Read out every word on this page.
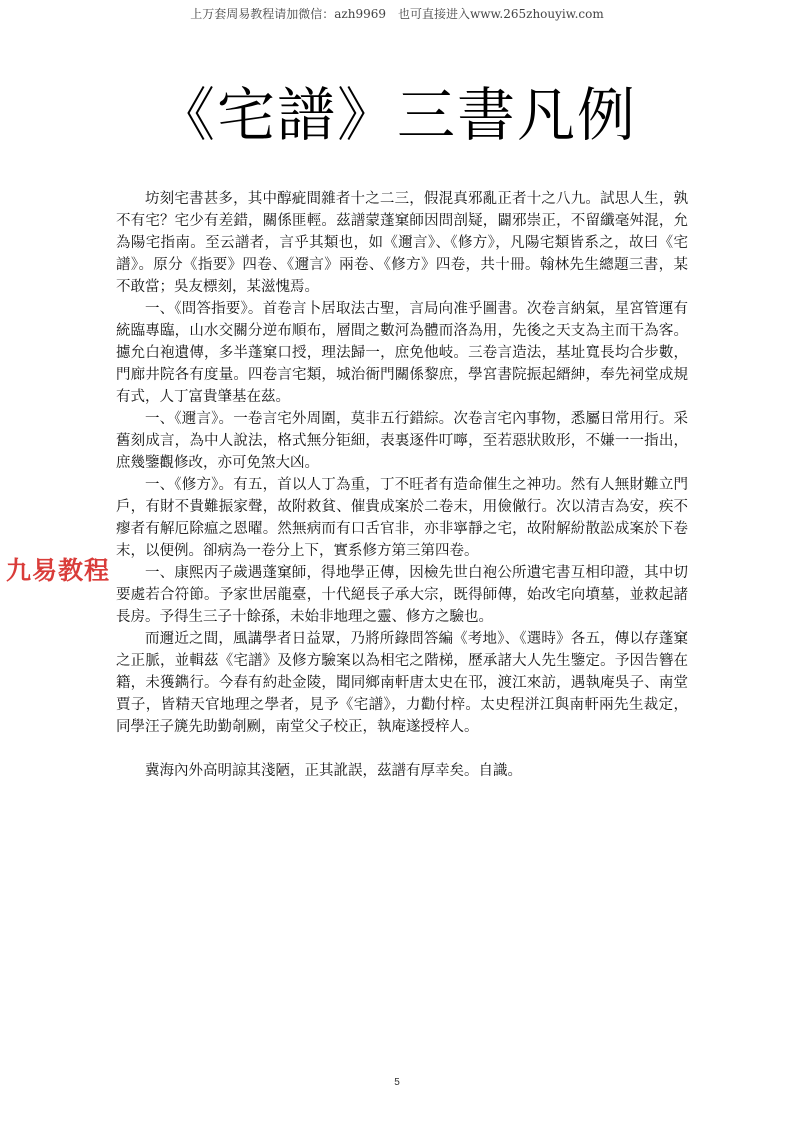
上万套周易教程请加微信：azh9969　也可直接进入www.265zhouyiw.com
《宅譜》三書凡例

坊刻宅書甚多，其中醇疵間雜者十之二三，假混真邪亂正者十之八九。試思人生，孰不有宅？宅少有差錯，關係匪輕。茲譜蒙蓬窠師因問剖疑，闢邪崇正，不留纖毫舛混，允為陽宅指南。至云譜者，言乎其類也，如《邇言》、《修方》，凡陽宅類皆系之，故曰《宅譜》。原分《指要》四卷、《邇言》兩卷、《修方》四卷，共十冊。翰林先生總題三書，某不敢當；吳友標刻，某滋愧焉。

一、《問答指要》。首卷言卜居取法古聖，言局向准乎圖書。次卷言納氣，星宮管運有統臨專臨，山水交關分逆布順布，層間之數河為體而洛為用，先後之天支為主而干為客。攄允白袍遺傳，多半蓬窠口授，理法歸一，庶免他岐。三卷言造法，基址寬長均合步數，門廊井院各有度量。四卷言宅類，城治衙門關係黎庶，學宮書院振起縉紳，奉先祠堂成規有式，人丁富貴肇基在茲。

一、《邇言》。一卷言宅外周圍，莫非五行錯綜。次卷言宅內事物，悉屬日常用行。采舊刻成言，為中人說法，格式無分钜細，表裏逐件叮嚀，至若惡狀敗形，不嫌一一指出，庶幾鑒觀修改，亦可免煞大凶。

一、《修方》。有五，首以人丁為重，丁不旺者有造命催生之神功。然有人無財難立門戶，有財不貴難振家聲，故附救貧、催貴成案於二卷末，用儉僘行。次以清吉為安，疾不瘳者有解厄除瘟之恩曜。然無病而有口舌官非，亦非寧靜之宅，故附解紛散訟成案於下卷末，以便例。卻病為一卷分上下，實系修方第三第四卷。

一、康熙丙子歲遇蓬窠師，得地學正傳，因檢先世白袍公所遺宅書互相印證，其中切要處若合符節。予家世居龍臺，十代絕長子承大宗，既得師傳，始改宅向墳墓，並救起諸長房。予得生三子十餘孫，未始非地理之靈、修方之驗也。

而邇近之間，風講學者日益眾，乃將所錄問答編《考地》、《選時》各五，傳以存蓬窠之正脈，並輯茲《宅譜》及修方驗案以為相宅之階梯，歷承諸大人先生鑒定。予因告簪在籍，未獲鐫行。今春有約赴金陵，聞同鄉南軒唐太史在邗，渡江來訪，遇執庵吳子、南堂賈子，皆精天官地理之學者，見予《宅譜》，力勸付梓。太史程洴江與南軒兩先生裁定，同學汪子篪先助勤剞劂，南堂父子校正，執庵遂授梓人。

冀海內外高明諒其淺陋，正其訛誤，茲譜有厚幸矣。自識。

九易教程
5
